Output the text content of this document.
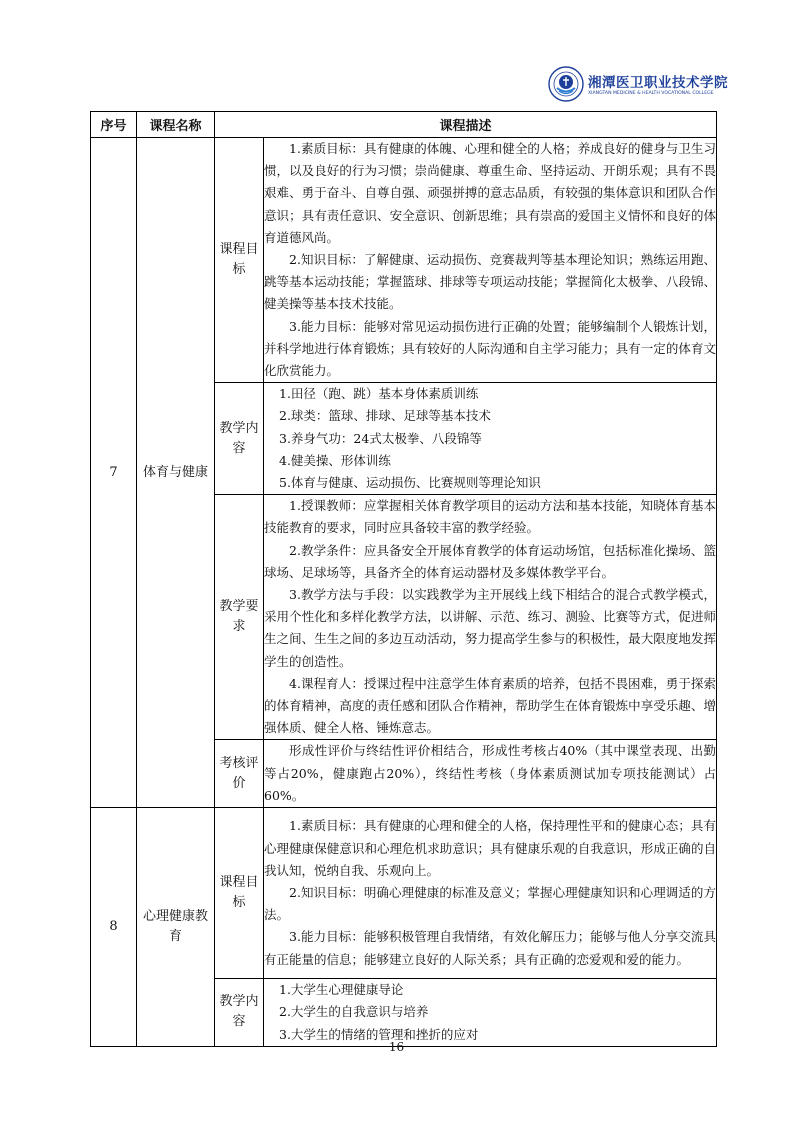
湘潭医卫职业技术学院
XIANGTAN MEDICINE & HEALTH VOCATIONAL COLLEGE
序号	课程名称	课程描述	
7	体育与健康	课程目标	1.素质目标：具有健康的体魄、心理和健全的人格；养成良好的健身与卫生习惯，以及良好的行为习惯；崇尚健康、尊重生命、坚持运动、开朗乐观；具有不畏艰难、勇于奋斗、自尊自强、顽强拼搏的意志品质，有较强的集体意识和团队合作意识；具有责任意识、安全意识、创新思维；具有崇高的爱国主义情怀和良好的体育道德风尚。

2.知识目标：了解健康、运动损伤、竞赛裁判等基本理论知识；熟练运用跑、跳等基本运动技能；掌握篮球、排球等专项运动技能；掌握简化太极拳、八段锦、健美操等基本技术技能。

3.能力目标：能够对常见运动损伤进行正确的处置；能够编制个人锻炼计划，并科学地进行体育锻炼；具有较好的人际沟通和自主学习能力；具有一定的体育文化欣赏能力。

		教学内容	1.田径（跑、跳）基本身体素质训练

2.球类：篮球、排球、足球等基本技术

3.养身气功：24式太极拳、八段锦等

4.健美操、形体训练

5.体育与健康、运动损伤、比赛规则等理论知识

		教学要求	1.授课教师：应掌握相关体育教学项目的运动方法和基本技能，知晓体育基本技能教育的要求，同时应具备较丰富的教学经验。

2.教学条件：应具备安全开展体育教学的体育运动场馆，包括标准化操场、篮球场、足球场等，具备齐全的体育运动器材及多媒体教学平台。

3.教学方法与手段：以实践教学为主开展线上线下相结合的混合式教学模式，采用个性化和多样化教学方法，以讲解、示范、练习、测验、比赛等方式，促进师生之间、生生之间的多边互动活动，努力提高学生参与的积极性，最大限度地发挥学生的创造性。

4.课程育人：授课过程中注意学生体育素质的培养，包括不畏困难，勇于探索的体育精神，高度的责任感和团队合作精神，帮助学生在体育锻炼中享受乐趣、增强体质、健全人格、锤炼意志。

		考核评价	形成性评价与终结性评价相结合，形成性考核占40%（其中课堂表现、出勤等占20%，健康跑占20%），终结性考核（身体素质测试加专项技能测试）占60%。

8	心理健康教育	课程目标	1.素质目标：具有健康的心理和健全的人格，保持理性平和的健康心态；具有心理健康保健意识和心理危机求助意识；具有健康乐观的自我意识，形成正确的自我认知，悦纳自我、乐观向上。

2.知识目标：明确心理健康的标准及意义；掌握心理健康知识和心理调适的方法。

3.能力目标：能够积极管理自我情绪，有效化解压力；能够与他人分享交流具有正能量的信息；能够建立良好的人际关系；具有正确的恋爱观和爱的能力。

		教学内容	1.大学生心理健康导论

2.大学生的自我意识与培养

3.大学生的情绪的管理和挫折的应对

16
